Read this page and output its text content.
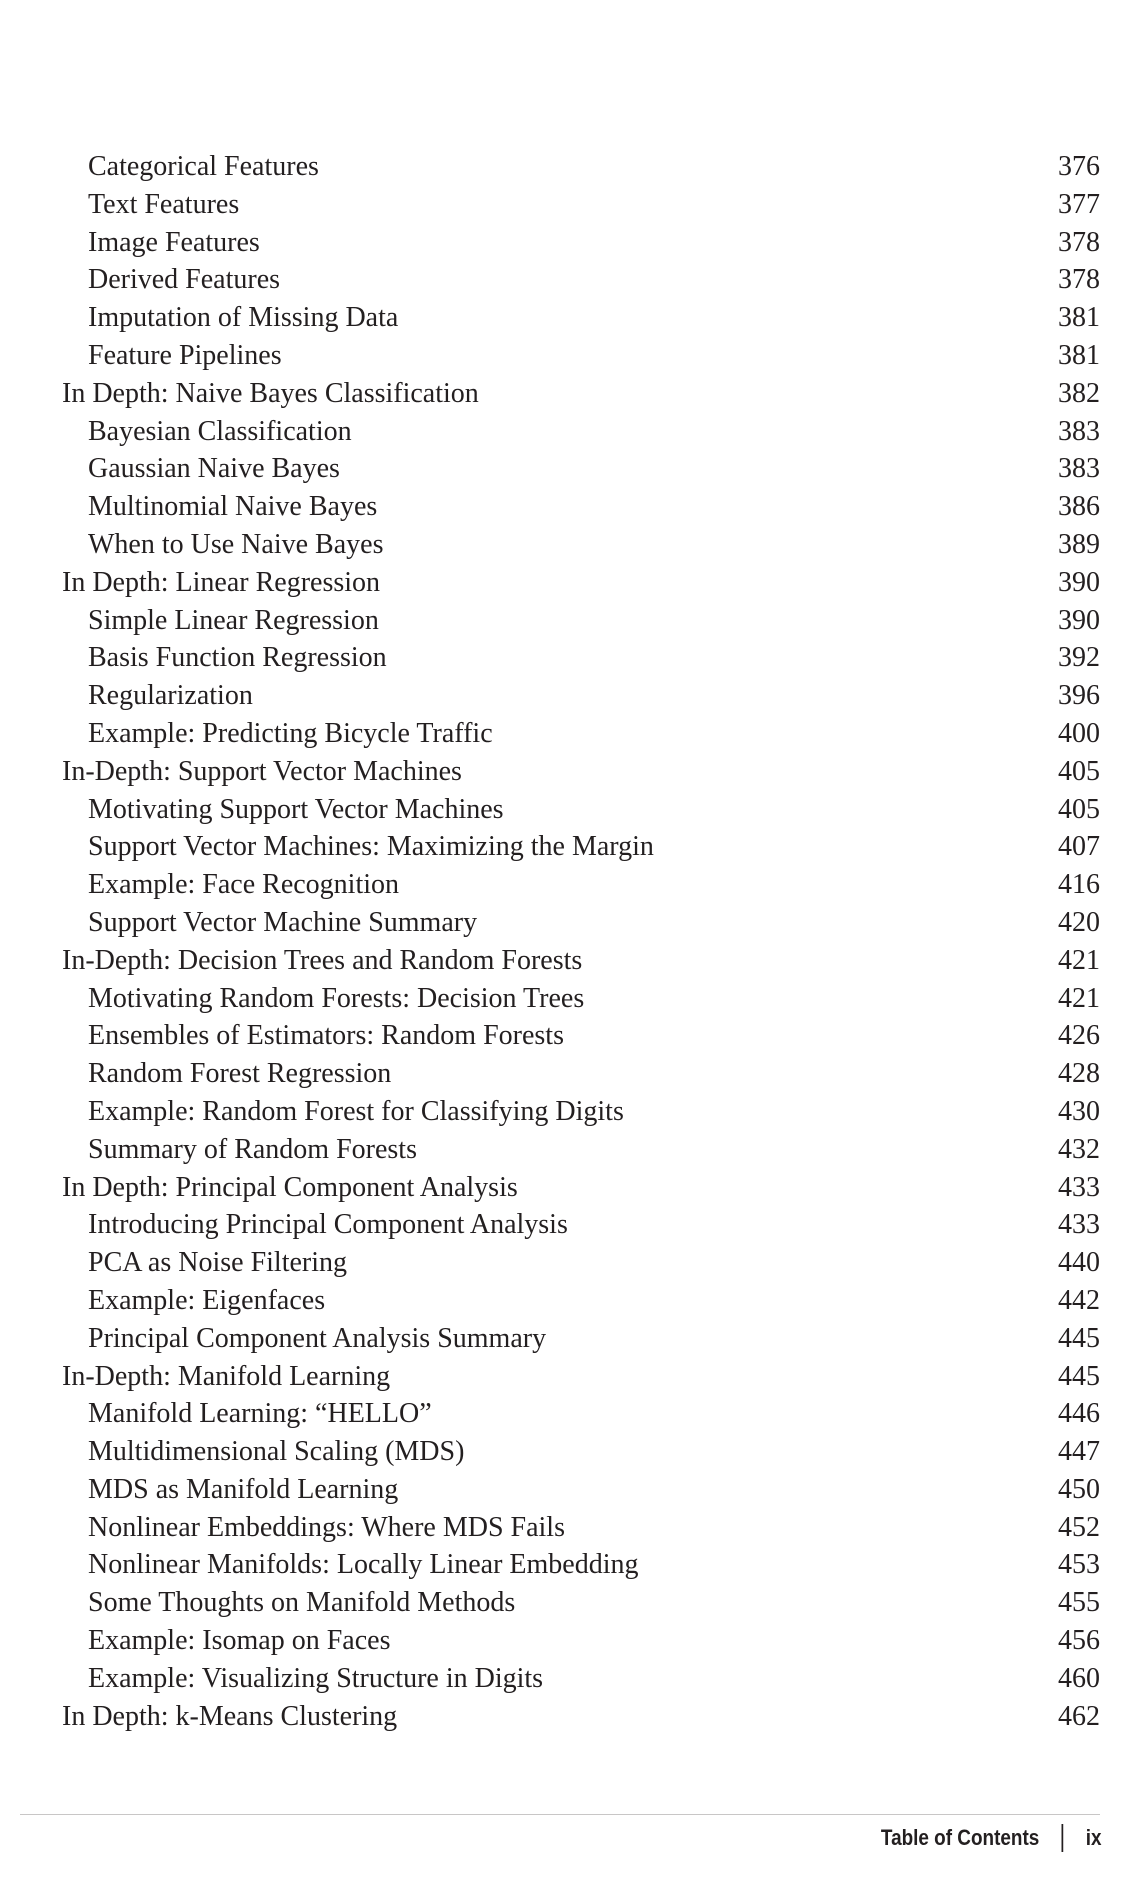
Categorical Features	376
Text Features	377
Image Features	378
Derived Features	378
Imputation of Missing Data	381
Feature Pipelines	381
In Depth: Naive Bayes Classification	382
Bayesian Classification	383
Gaussian Naive Bayes	383
Multinomial Naive Bayes	386
When to Use Naive Bayes	389
In Depth: Linear Regression	390
Simple Linear Regression	390
Basis Function Regression	392
Regularization	396
Example: Predicting Bicycle Traffic	400
In-Depth: Support Vector Machines	405
Motivating Support Vector Machines	405
Support Vector Machines: Maximizing the Margin	407
Example: Face Recognition	416
Support Vector Machine Summary	420
In-Depth: Decision Trees and Random Forests	421
Motivating Random Forests: Decision Trees	421
Ensembles of Estimators: Random Forests	426
Random Forest Regression	428
Example: Random Forest for Classifying Digits	430
Summary of Random Forests	432
In Depth: Principal Component Analysis	433
Introducing Principal Component Analysis	433
PCA as Noise Filtering	440
Example: Eigenfaces	442
Principal Component Analysis Summary	445
In-Depth: Manifold Learning	445
Manifold Learning: “HELLO”	446
Multidimensional Scaling (MDS)	447
MDS as Manifold Learning	450
Nonlinear Embeddings: Where MDS Fails	452
Nonlinear Manifolds: Locally Linear Embedding	453
Some Thoughts on Manifold Methods	455
Example: Isomap on Faces	456
Example: Visualizing Structure in Digits	460
In Depth: k-Means Clustering	462
Table of Contents ix
